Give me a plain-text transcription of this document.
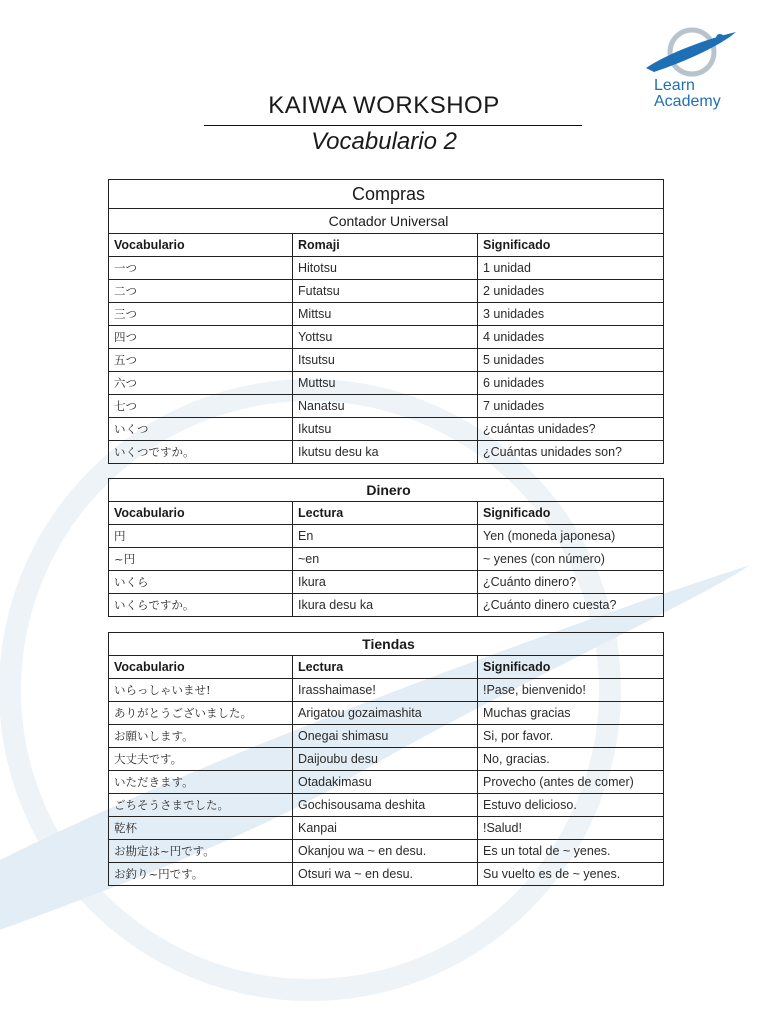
Learn
Academy
KAIWA WORKSHOP
Vocabulario 2
Compras		
Contador Universal		
Vocabulario	Romaji	Significado
一つ	Hitotsu	1 unidad
二つ	Futatsu	2 unidades
三つ	Mittsu	3 unidades
四つ	Yottsu	4 unidades
五つ	Itsutsu	5 unidades
六つ	Muttsu	6 unidades
七つ	Nanatsu	7 unidades
いくつ	Ikutsu	¿cuántas unidades?
いくつですか。	Ikutsu desu ka	¿Cuántas unidades son?
Dinero		
Vocabulario	Lectura	Significado
円	En	Yen (moneda japonesa)
~円	~en	~ yenes (con número)
いくら	Ikura	¿Cuánto dinero?
いくらですか。	Ikura desu ka	¿Cuánto dinero cuesta?
Tiendas		
Vocabulario	Lectura	Significado
いらっしゃいませ!	Irasshaimase!	!Pase, bienvenido!
ありがとうございました。	Arigatou gozaimashita	Muchas gracias
お願いします。	Onegai shimasu	Si, por favor.
大丈夫です。	Daijoubu desu	No, gracias.
いただきます。	Otadakimasu	Provecho (antes de comer)
ごちそうさまでした。	Gochisousama deshita	Estuvo delicioso.
乾杯	Kanpai	!Salud!
お勘定は~円です。	Okanjou wa ~ en desu.	Es un total de ~ yenes.
お釣り~円です。	Otsuri wa ~ en desu.	Su vuelto es de ~ yenes.
